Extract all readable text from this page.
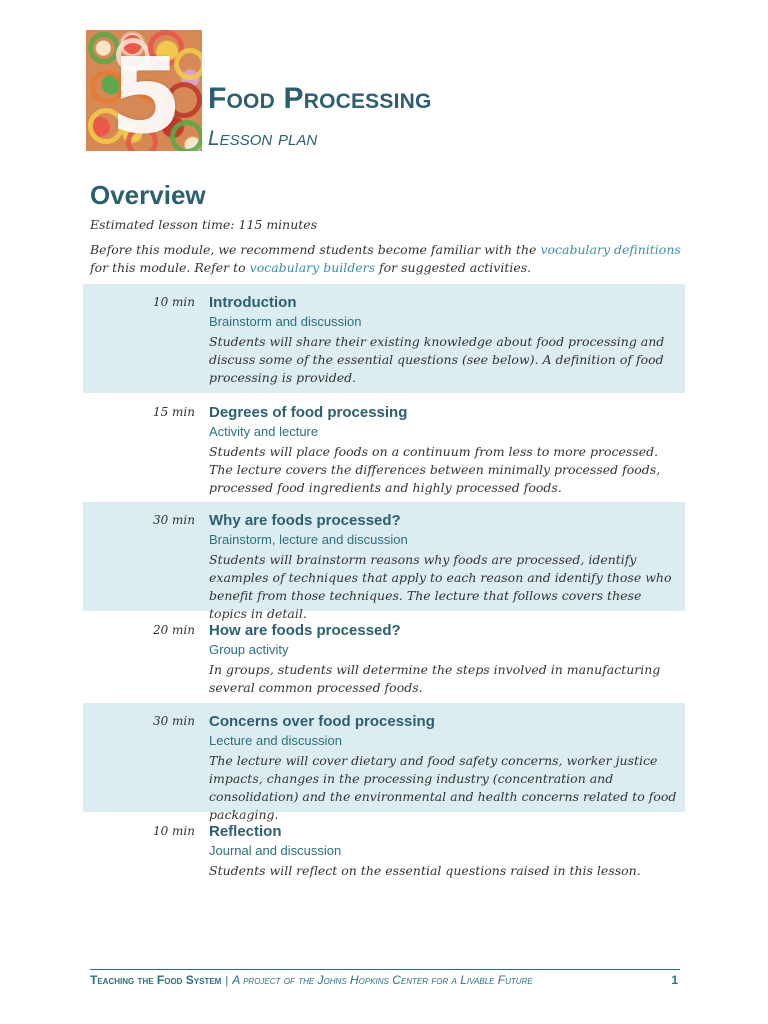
5 Food Processing
Lesson plan
Overview
Estimated lesson time: 115 minutes
Before this module, we recommend students become familiar with the vocabulary definitions for this module. Refer to vocabulary builders for suggested activities.
10 min Introduction
Brainstorm and discussion
Students will share their existing knowledge about food processing and discuss some of the essential questions (see below). A definition of food processing is provided.
15 min Degrees of food processing
Activity and lecture
Students will place foods on a continuum from less to more processed. The lecture covers the differences between minimally processed foods, processed food ingredients and highly processed foods.
30 min Why are foods processed?
Brainstorm, lecture and discussion
Students will brainstorm reasons why foods are processed, identify examples of techniques that apply to each reason and identify those who benefit from those techniques. The lecture that follows covers these topics in detail.
20 min How are foods processed?
Group activity
In groups, students will determine the steps involved in manufacturing several common processed foods.
30 min Concerns over food processing
Lecture and discussion
The lecture will cover dietary and food safety concerns, worker justice impacts, changes in the processing industry (concentration and consolidation) and the environmental and health concerns related to food packaging.
10 min Reflection
Journal and discussion
Students will reflect on the essential questions raised in this lesson.
Teaching the Food System | A project of the Johns Hopkins Center for a Livable Future	1
